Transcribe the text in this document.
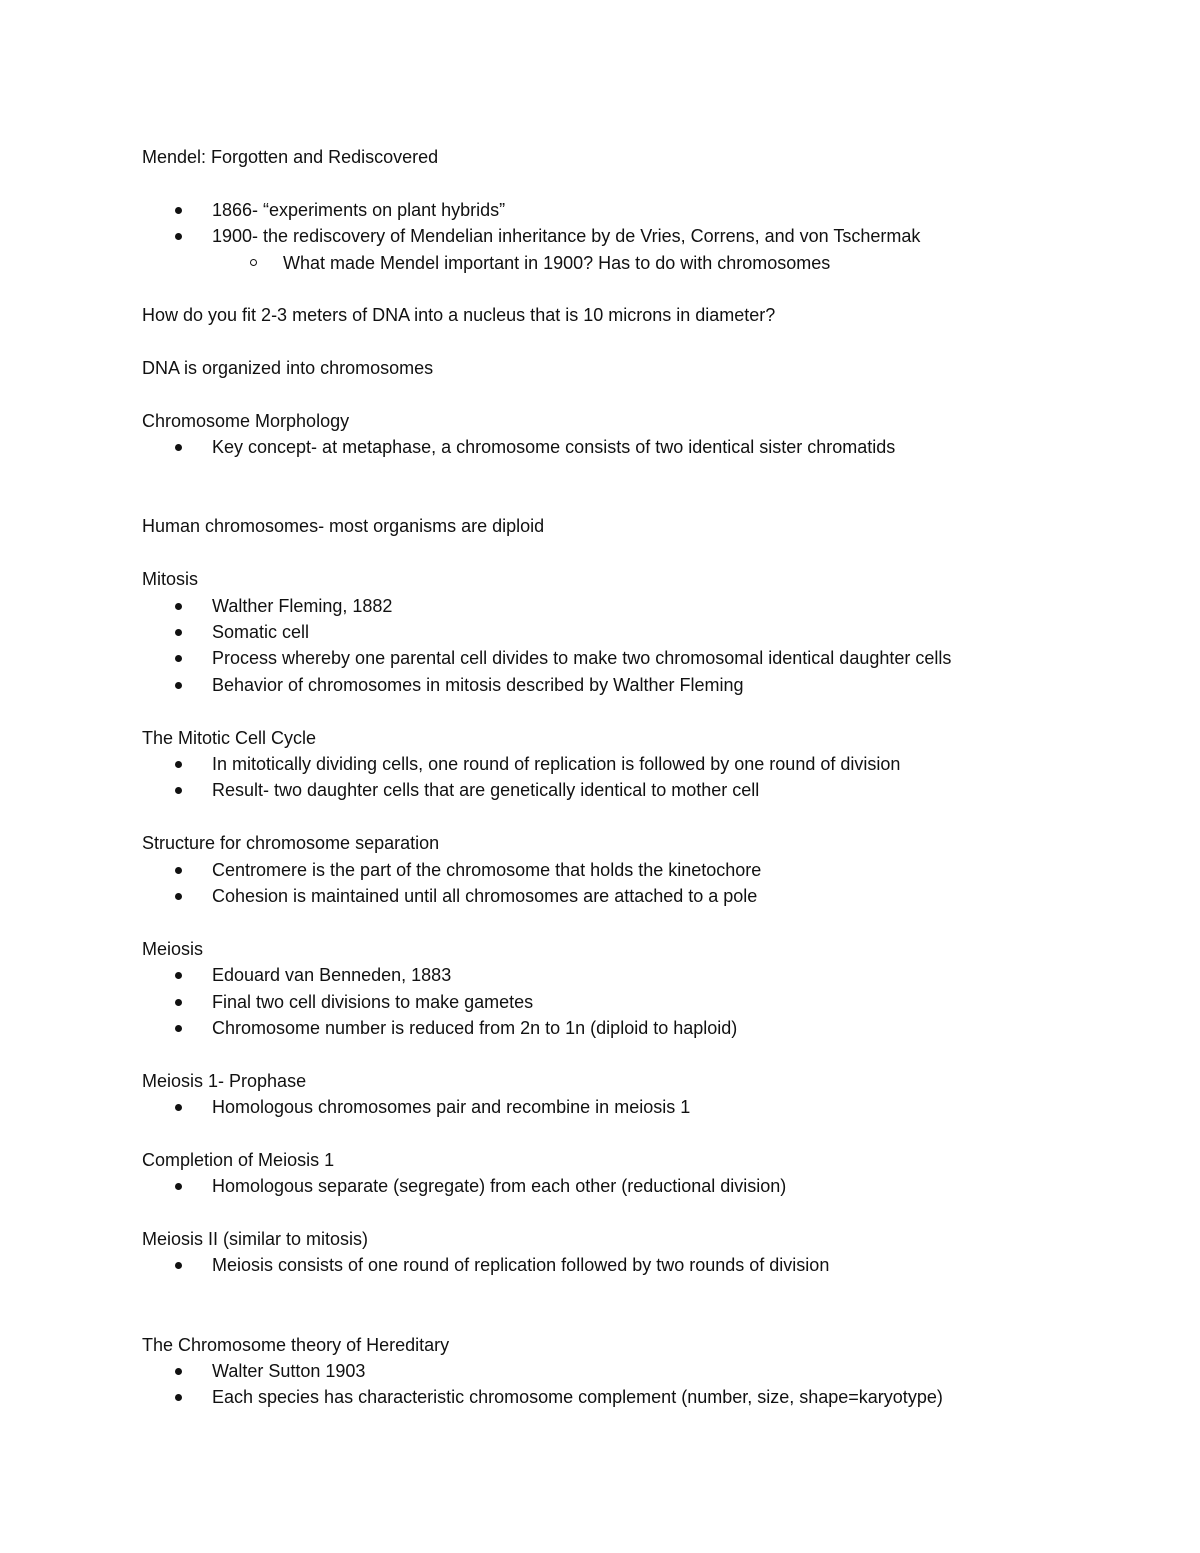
Mendel: Forgotten and Rediscovered
1866- “experiments on plant hybrids”
1900- the rediscovery of Mendelian inheritance by de Vries, Correns, and von Tschermak
What made Mendel important in 1900? Has to do with chromosomes
How do you fit 2-3 meters of DNA into a nucleus that is 10 microns in diameter?
DNA is organized into chromosomes
Chromosome Morphology
Key concept- at metaphase, a chromosome consists of two identical sister chromatids
Human chromosomes- most organisms are diploid
Mitosis
Walther Fleming, 1882
Somatic cell
Process whereby one parental cell divides to make two chromosomal identical daughter cells
Behavior of chromosomes in mitosis described by Walther Fleming
The Mitotic Cell Cycle
In mitotically dividing cells, one round of replication is followed by one round of division
Result- two daughter cells that are genetically identical to mother cell
Structure for chromosome separation
Centromere is the part of the chromosome that holds the kinetochore
Cohesion is maintained until all chromosomes are attached to a pole
Meiosis
Edouard van Benneden, 1883
Final two cell divisions to make gametes
Chromosome number is reduced from 2n to 1n (diploid to haploid)
Meiosis 1- Prophase
Homologous chromosomes pair and recombine in meiosis 1
Completion of Meiosis 1
Homologous separate (segregate) from each other (reductional division)
Meiosis II (similar to mitosis)
Meiosis consists of one round of replication followed by two rounds of division
The Chromosome theory of Hereditary
Walter Sutton 1903
Each species has characteristic chromosome complement (number, size, shape=karyotype)
